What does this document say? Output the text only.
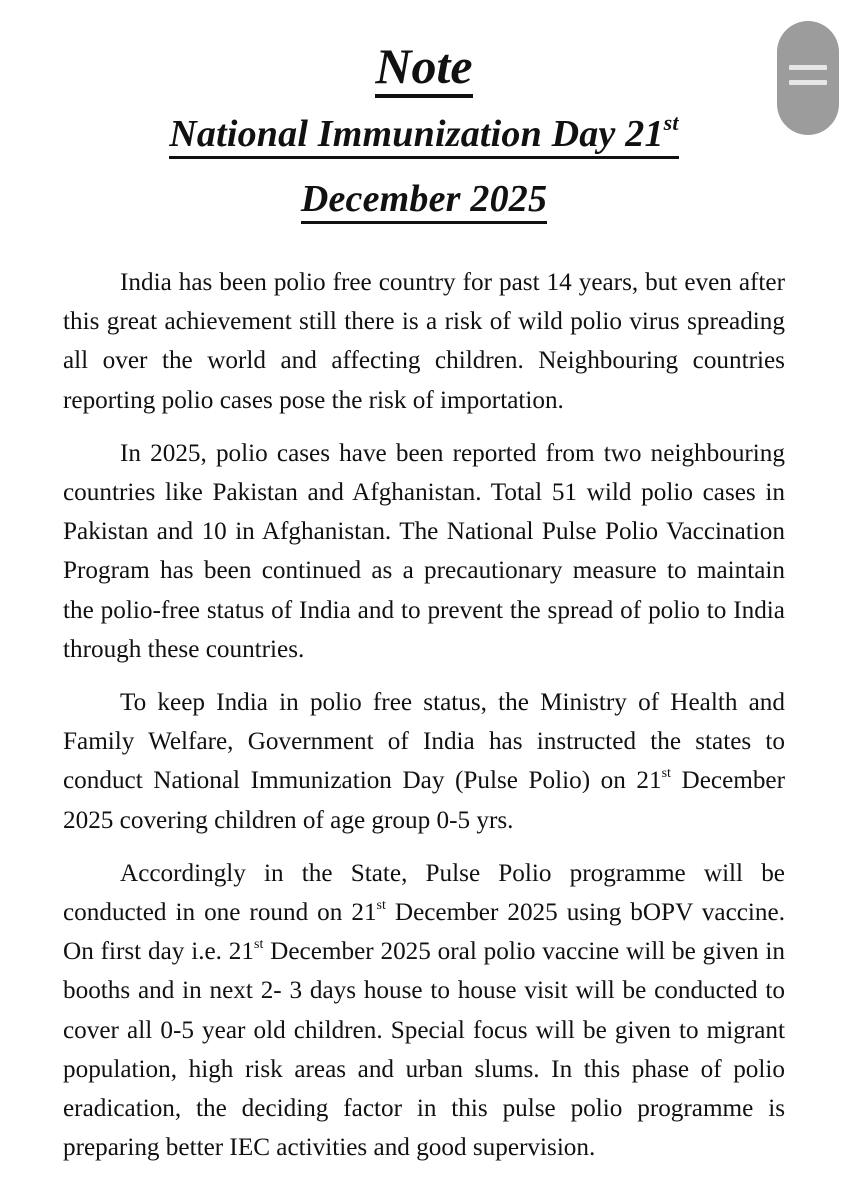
Note
National Immunization Day 21st
December 2025

India has been polio free country for past 14 years, but even after this great achievement still there is a risk of wild polio virus spreading all over the world and affecting children. Neighbouring countries reporting polio cases pose the risk of importation.

In 2025, polio cases have been reported from two neighbouring countries like Pakistan and Afghanistan. Total 51 wild polio cases in Pakistan and 10 in Afghanistan. The National Pulse Polio Vaccination Program has been continued as a precautionary measure to maintain the polio-free status of India and to prevent the spread of polio to India through these countries.

To keep India in polio free status, the Ministry of Health and Family Welfare, Government of India has instructed the states to conduct National Immunization Day (Pulse Polio) on 21st December 2025 covering children of age group 0-5 yrs.

Accordingly in the State, Pulse Polio programme will be conducted in one round on 21st December 2025 using bOPV vaccine. On first day i.e. 21st December 2025 oral polio vaccine will be given in booths and in next 2- 3 days house to house visit will be conducted to cover all 0-5 year old children. Special focus will be given to migrant population, high risk areas and urban slums. In this phase of polio eradication, the deciding factor in this pulse polio programme is preparing better IEC activities and good supervision.
